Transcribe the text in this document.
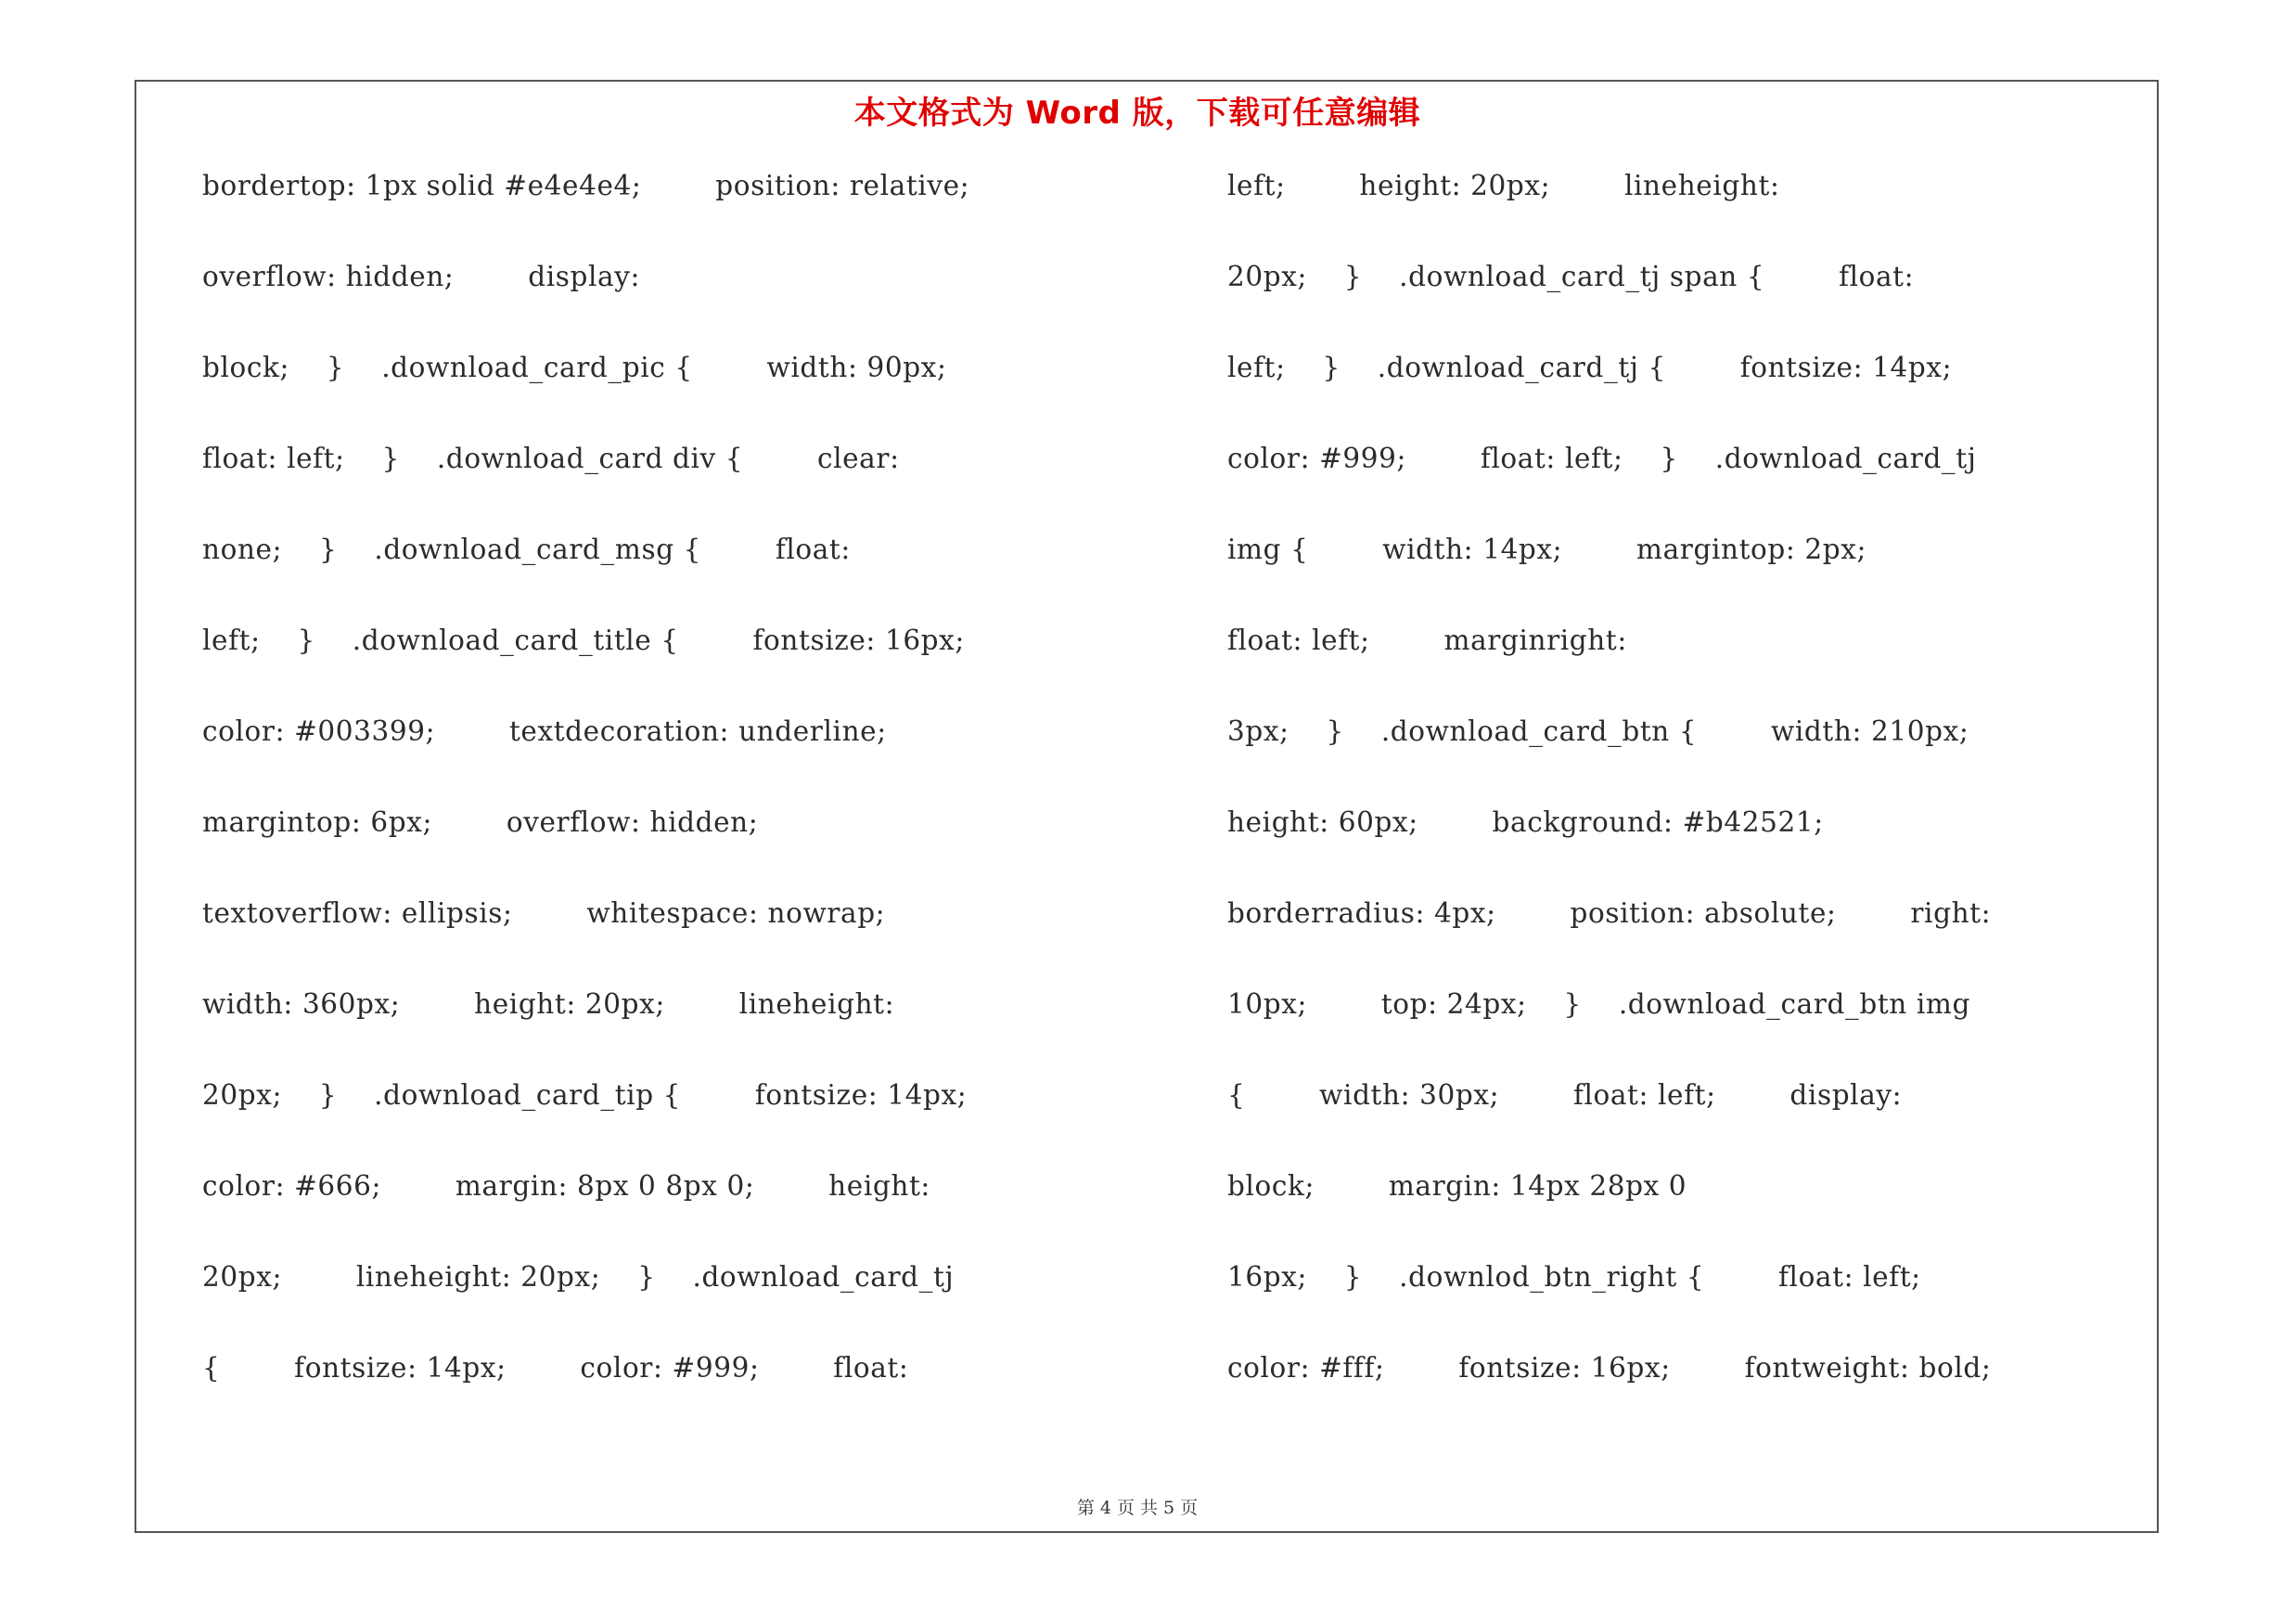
本文格式为 Word 版，下载可任意编辑
第 4 页 共 5 页
bordertop: 1px solid #e4e4e4;        position: relative;
overflow: hidden;        display:
block;    }    .download_card_pic {        width: 90px;
float: left;    }    .download_card div {        clear:
none;    }    .download_card_msg {        float:
left;    }    .download_card_title {        fontsize: 16px;
color: #003399;        textdecoration: underline;
margintop: 6px;        overflow: hidden;
textoverflow: ellipsis;        whitespace: nowrap;
width: 360px;        height: 20px;        lineheight:
20px;    }    .download_card_tip {        fontsize: 14px;
color: #666;        margin: 8px 0 8px 0;        height:
20px;        lineheight: 20px;    }    .download_card_tj
{        fontsize: 14px;        color: #999;        float:
left;        height: 20px;        lineheight:
20px;    }    .download_card_tj span {        float:
left;    }    .download_card_tj {        fontsize: 14px;
color: #999;        float: left;    }    .download_card_tj
img {        width: 14px;        margintop: 2px;
float: left;        marginright:
3px;    }    .download_card_btn {        width: 210px;
height: 60px;        background: #b42521;
borderradius: 4px;        position: absolute;        right:
10px;        top: 24px;    }    .download_card_btn img
{        width: 30px;        float: left;        display:
block;        margin: 14px 28px 0
16px;    }    .downlod_btn_right {        float: left;
color: #fff;        fontsize: 16px;        fontweight: bold;
